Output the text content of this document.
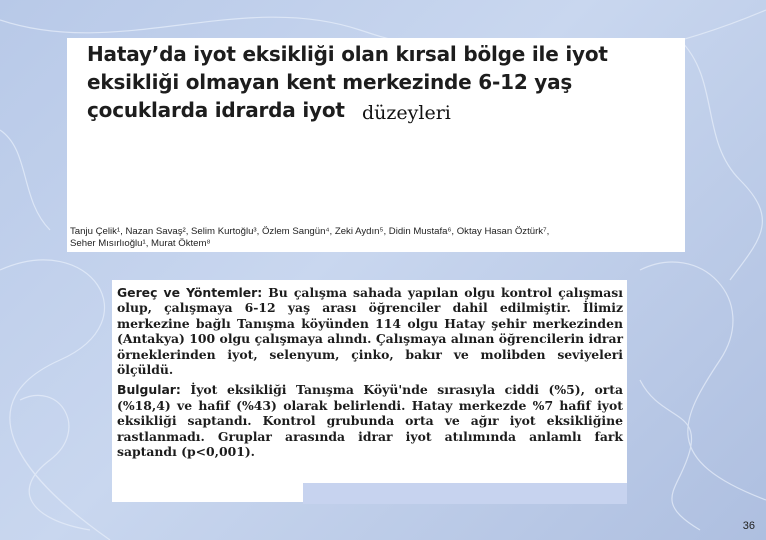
Hatay’da iyot eksikliği olan kırsal bölge ile iyot
eksikliği olmayan kent merkezinde 6-12 yaş
çocuklarda idrarda iyot düzeyleri
Tanju Çelik¹, Nazan Savaş², Selim Kurtoğlu³, Özlem Sangün⁴, Zeki Aydın⁵, Didin Mustafa⁶, Oktay Hasan Öztürk⁷,
Seher Mısırlıoğlu¹, Murat Öktem⁸

Gereç ve Yöntemler: Bu çalışma sahada yapılan olgu kontrol çalışması olup, çalışmaya 6-12 yaş arası öğrenciler dahil edilmiştir. İlimiz merkezine bağlı Tanışma köyünden 114 olgu Hatay şehir merkezinden (Antakya) 100 olgu çalışmaya alındı. Çalışmaya alınan öğrencilerin idrar örneklerinden iyot, selenyum, çinko, bakır ve molibden seviyeleri ölçüldü.

Bulgular: İyot eksikliği Tanışma Köyü'nde sırasıyla ciddi (%5), orta (%18,4) ve hafif (%43) olarak belirlendi. Hatay merkezde %7 hafif iyot eksikliği saptandı. Kontrol grubunda orta ve ağır iyot eksikliğine rastlanmadı. Gruplar arasında idrar iyot atılımında anlamlı fark saptandı (p<0,001).

36
